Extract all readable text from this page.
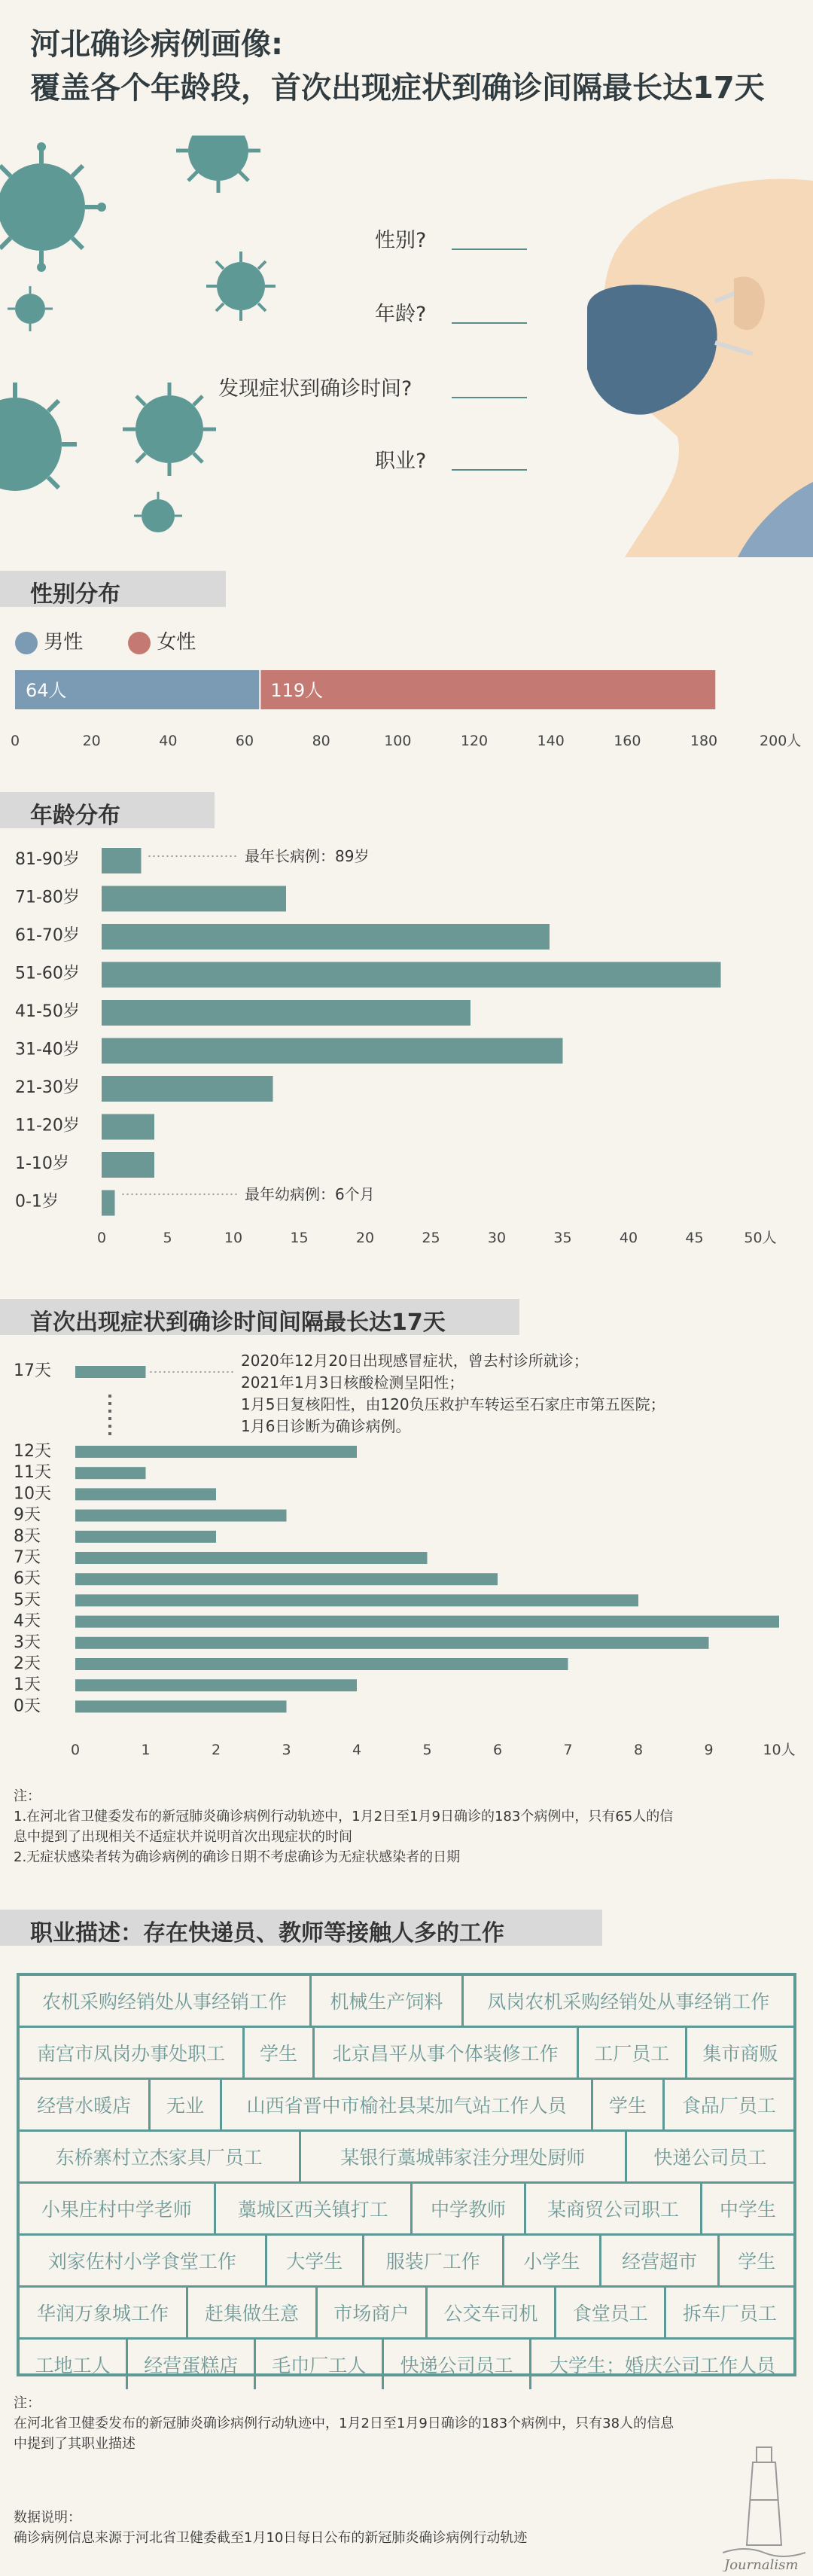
河北确诊病例画像:
覆盖各个年龄段，首次出现症状到确诊间隔最长达17天
性别?
年龄?
发现症状到确诊时间?
职业?
性别分布
男性	女性
64人	119人
0	20	40	60	80	100	120	140	160	180	200人
年龄分布
81-90岁
71-80岁
61-70岁
51-60岁
41-50岁
31-40岁
21-30岁
11-20岁
1-10岁
0-1岁
最年长病例：89岁
最年幼病例：6个月
0	5	10	15	20	25	30	35	40	45	50人
首次出现症状到确诊时间间隔最长达17天
17天
2020年12月20日出现感冒症状，曾去村诊所就诊；
2021年1月3日核酸检测呈阳性；
1月5日复核阳性，由120负压救护车转运至石家庄市第五医院；
1月6日诊断为确诊病例。
12天
11天
10天
9天
8天
7天
6天
5天
4天
3天
2天
1天
0天
0	1	2	3	4	5	6	7	8	9	10人
注：
1.在河北省卫健委发布的新冠肺炎确诊病例行动轨迹中，1月2日至1月9日确诊的183个病例中，只有65人的信
息中提到了出现相关不适症状并说明首次出现症状的时间
2.无症状感染者转为确诊病例的确诊日期不考虑确诊为无症状感染者的日期
职业描述：存在快递员、教师等接触人多的工作
农机采购经销处从事经销工作	机械生产饲料	凤岗农机采购经销处从事经销工作
南宫市凤岗办事处职工	学生	北京昌平从事个体装修工作	工厂员工	集市商贩
经营水暖店	无业	山西省晋中市榆社县某加气站工作人员	学生	食品厂员工
东桥寨村立杰家具厂员工	某银行藁城韩家洼分理处厨师	快递公司员工
小果庄村中学老师	藁城区西关镇打工	中学教师	某商贸公司职工	中学生
刘家佐村小学食堂工作	大学生	服装厂工作	小学生	经营超市	学生
华润万象城工作	赶集做生意	市场商户	公交车司机	食堂员工	拆车厂员工
工地工人	经营蛋糕店	毛巾厂工人	快递公司员工	大学生；婚庆公司工作人员
注：
在河北省卫健委发布的新冠肺炎确诊病例行动轨迹中，1月2日至1月9日确诊的183个病例中，只有38人的信息
中提到了其职业描述
数据说明：
确诊病例信息来源于河北省卫健委截至1月10日每日公布的新冠肺炎确诊病例行动轨迹
Journalism
